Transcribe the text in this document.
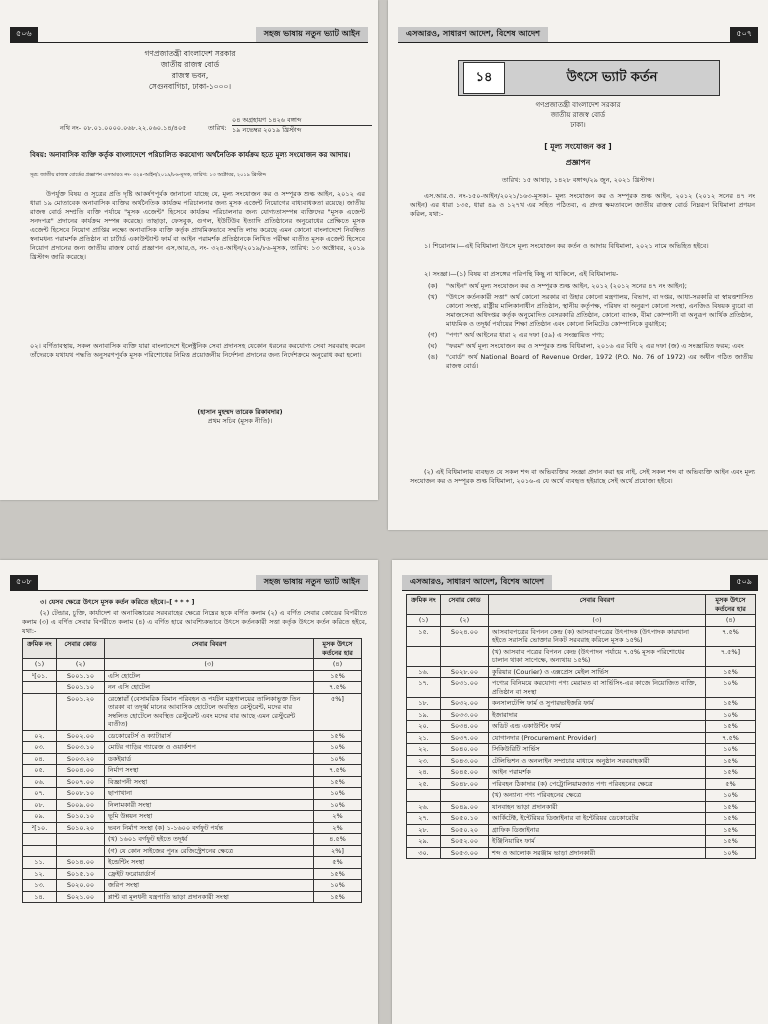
৫০৬	সহজ ভাষায় নতুন ভ্যাট আইন
গণপ্রজাতন্ত্রী বাংলাদেশ সরকার
জাতীয় রাজস্ব বোর্ড
রাজস্ব ভবন,
সেগুনবাগিচা, ঢাকা-১০০০।
নথি নং- ০৮.০১.০০০০.০৬৮.২২.০৬০.১৪/৪০৫	তারিখ:
০৪ অগ্রহায়ণ ১৪২৬ বঙ্গাব্দ
১৯ নভেম্বর ২০১৯ খ্রিস্টাব্দ
বিষয়: অনাবাসিক ব্যক্তি কর্তৃক বাংলাদেশে পরিচালিত করযোগ্য অর্থনৈতিক কার্যক্রম হতে মূল্য সংযোজন কর আদায়।
সূত্র: জাতীয় রাজস্ব বোর্ডের প্রজ্ঞাপন এসআরও নং- ৩২৪-আইন/২০১৯/৮৬-মূসক, তারিখ: ১৩ অক্টোবর, ২০১৯ খ্রিস্টাব্দ
উপর্যুক্ত বিষয় ও সূত্রের প্রতি দৃষ্টি আকর্ষণপূর্বক জানানো যাচ্ছে যে, মূল্য সংযোজন কর ও সম্পূরক শুল্ক আইন, ২০১২ এর ধারা ১৯ মোতাবেক অনাবাসিক ব্যক্তির অর্থনৈতিক কার্যক্রম পরিচালনার জন্য মূসক এজেন্ট নিয়োগের বাধ্যবাধকতা রয়েছে। জাতীয় রাজস্ব বোর্ড সম্প্রতি ব্যক্তি পর্যায়ে "মূসক এজেন্ট" হিসেবে কার্যক্রম পরিচালনার জন্য যোগ্যতাসম্পন্ন ব্যক্তিদের "মূসক এজেন্ট সনদপত্র" প্রদানের কার্যক্রম সম্পন্ন করেছে। তাছাড়া, ফেসবুক, গুগল, ইউটিউব ইত্যাদি প্রতিষ্ঠানের অনুরোধের প্রেক্ষিতে মূসক এজেন্ট হিসেবে নিয়োগ প্রাপ্তির লক্ষ্যে অনাবাসিক ব্যক্তি কর্তৃক প্রাথমিকভাবে সম্মতি লাভ করেছে এমন কোনো বাংলাদেশে নিবন্ধিত স্বনামধন্য পরামর্শক প্রতিষ্ঠান বা চার্টার্ড একাউন্ট্যান্ট ফার্ম বা আইন পরামর্শক প্রতিষ্ঠানকে লিখিত পরীক্ষা ব্যতীত মূসক এজেন্ট হিসেবে নিয়োগ প্রদানের জন্য জাতীয় রাজস্ব বোর্ড প্রজ্ঞাপন এস,আর,ও, নং- ৩২৪-আইন/২০১৯/৮৬-মূসক, তারিখ: ১৩ অক্টোবর, ২০১৯ খ্রিস্টাব্দ জারি করেছে।
০২। বর্ণিতাবস্থায়, সকল অনাবাসিক ব্যক্তি যারা বাংলাদেশে ইলেক্ট্রনিক সেবা প্রদানসহ যেকোন ধরনের করযোগ্য সেবা সরবরাহ করেন তাঁদেরকে যথাযথ পদ্ধতি অনুসরণপূর্বক মূসক পরিশোধের নিমিত্ত প্রয়োজনীয় নির্দেশনা প্রদানের জন্য নির্দেশক্রমে অনুরোধ করা হলো।
(হাসান মুহম্মদ তারেক রিকাবদার)
প্রথম সচিব (মূসক নীতি)।
এসআরও, সাধারণ আদেশ, বিশেষ আদেশ	৫০৭
১৪	উৎসে ভ্যাট কর্তন
গণপ্রজাতন্ত্রী বাংলাদেশ সরকার
জাতীয় রাজস্ব বোর্ড
ঢাকা।
[ মূল্য সংযোজন কর ]
প্রজ্ঞাপন
তারিখ: ১৫ আষাঢ়, ১৪২৮ বঙ্গাব্দ/২৯ জুন, ২০২১ খ্রিস্টাব্দ।
এস.আর.ও. নং-১৫০-আইন/২০২১/১৬৩-মূসক।– মূল্য সংযোজন কর ও সম্পূরক শুল্ক আইন, ২০১২ (২০১২ সনের ৪৭ নং আইন) এর ধারা ১৩৫, ধারা ৪৯ ও ১২৭খ এর সহিত পঠিতব্য, এ প্রদত্ত ক্ষমতাবলে জাতীয় রাজস্ব বোর্ড নিম্নরূপ বিধিমালা প্রণয়ন করিল, যথা:-
১। শিরোনাম।—এই বিধিমালা উৎসে মূল্য সংযোজন কর কর্তন ও আদায় বিধিমালা, ২০২১ নামে অভিহিত হইবে।
২। সংজ্ঞা।—(১) বিষয় বা প্রসঙ্গের পরিপন্থি কিছু না থাকিলে, এই বিধিমালায়-
(ক)	"আইন" অর্থ মূল্য সংযোজন কর ও সম্পূরক শুল্ক আইন, ২০১২ (২০১২ সনের ৪৭ নং আইন);
(খ)	"উৎসে কর্তনকারী সত্তা" অর্থ কোনো সরকার বা উহার কোনো মন্ত্রণালয়, বিভাগ, বা দপ্তর, আধা-সরকারি বা স্বায়ত্তশাসিত কোনো সংস্থা, রাষ্ট্রীয় মালিকানাধীন প্রতিষ্ঠান, স্থানীয় কর্তৃপক্ষ, পরিষদ বা অনুরূপ কোনো সংস্থা, এনজিও বিষয়ক ব্যুরো বা সমাজসেবা অধিদপ্তর কর্তৃক অনুমোদিত বেসরকারি প্রতিষ্ঠান, কোনো ব্যাংক, বীমা কোম্পানী বা অনুরূপ আর্থিক প্রতিষ্ঠান, মাধ্যমিক ও তদূর্ধ্ব পর্যায়ের শিক্ষা প্রতিষ্ঠান এবং কোনো লিমিটেড কোম্পানিকে বুঝাইবে;
(গ)	"পণ্য" অর্থ আইনের ধারা ২ এর দফা (৫৯) এ সংজ্ঞায়িত পণ্য;
(ঘ)	"ফরম" অর্থ মূল্য সংযোজন কর ও সম্পূরক শুল্ক বিধিমালা, ২০১৬ এর বিধি ২ এর দফা (জ) এ সংজ্ঞায়িত ফরম; এবং
(ঙ)	"বোর্ড" অর্থ National Board of Revenue Order, 1972 (P.O. No. 76 of 1972) এর অধীন গঠিত জাতীয় রাজস্ব বোর্ড।
(২) এই বিধিমালায় ব্যবহৃত যে সকল শব্দ বা অভিব্যক্তির সংজ্ঞা প্রদান করা হয় নাই, সেই সকল শব্দ বা অভিব্যক্তি আইন এবং মূল্য সংযোজন কর ও সম্পূরক শুল্ক বিধিমালা, ২০১৬-এ যে অর্থে ব্যবহৃত হইয়াছে সেই অর্থে প্রযোজ্য হইবে।
৫০৮	সহজ ভাষায় নতুন ভ্যাট আইন
৩। যেসব ক্ষেত্রে উৎসে মূসক কর্তন করিতে হইবে।–[ * * * ]
(২) টেন্ডার, চুক্তি, কার্যাদেশ বা অনাবিষ্কারের সরবরাহের ক্ষেত্রে নিম্নের ছকে বর্ণিত কলাম (২) এ বর্ণিত সেবার কোডের বিপরীতে কলাম (৩) এ বর্ণিত সেবার বিপরীতে কলাম (৪) এ বর্ণিত হারে আবশ্যিকভাবে উৎসে কর্তনকারী সত্তা কর্তৃক উৎসে কর্তন করিতে হইবে, যথা:-
ক্রমিক নং	সেবার কোড	সেবার বিবরণ	মূসক উৎসে কর্তনের হার
(১)	(২)	(৩)	(৪)
¹[০১.	S০০১.১০	এসি হোটেল	১৫%
	S০০১.১০	নন এসি হোটেল	৭.৫%
	S০০১.২০	রেস্তোরাঁ (বেসামরিক বিমান পরিবহন ও পর্যটন মন্ত্রণালয়ের তালিকাভুক্ত তিন তারকা বা তদূর্ধ্ব মানের আবাসিক হোটেলে অবস্থিত রেস্টুরেন্ট, মদের বার সম্বলিত হোটেলে অবস্থিত রেস্টুরেন্ট এবং মদের বার আছে এমন রেস্টুরেন্ট ব্যতীত)	৫%]
০২.	S০০২.০০	ডেকোরেটর্স ও ক্যাটারার্স	১৫%
০৩.	S০০৩.১০	মোটর গাড়ির গ্যারেজ ও ওয়ার্কশপ	১০%
০৪.	S০০৩.২০	ডকইয়ার্ড	১০%
০৫.	S০০৪.০০	নির্মাণ সংস্থা	৭.৫%
০৬.	S০০৭.০০	বিজ্ঞাপনী সংস্থা	১৫%
০৭.	S০০৮.১০	ছাপাখানা	১০%
০৮.	S০০৯.০০	নিলামকারী সংস্থা	১০%
০৯.	S০১০.১০	ভূমি উন্নয়ন সংস্থা	২%
²[১০.	S০১০.২০	ভবন নির্মাণ সংস্থা (ক) ১-১৬০০ বর্গফুট পর্যন্ত	২%
		(খ) ১৬০১ বর্গফুট হইতে তদূর্ধ্ব	৪.৫%
		(গ) যে কোন সাইজের পুনঃ রেজিস্ট্রেশনের ক্ষেত্রে	২%]
১১.	S০১৪.০০	ইন্ডেন্টিং সংস্থা	৫%
১২.	S০১৫.১০	ফ্রেইট ফরোয়ার্ডার্স	১৫%
১৩.	S০২০.০০	জরিপ সংস্থা	১০%
১৪.	S০২১.০০	প্লান্ট বা মূলধনী যন্ত্রপাতি ভাড়া প্রদানকারী সংস্থা	১৫%
এসআরও, সাধারণ আদেশ, বিশেষ আদেশ	৫০৯
ক্রমিক নং	সেবার কোড	সেবার বিবরণ	মূসক উৎসে কর্তনের হার
(১)	(২)	(৩)	(৪)
১৫.	S০২৪.০০	আসবাবপত্রের বিপনন কেন্দ্র (ক) আসবাবপত্রের উৎপাদক (উৎপাদক কারখানা হইতে সরাসরি ভোক্তার নিকট সরবরাহ করিলে মূসক ১৫%)	৭.৫%
		(খ) আসবাব পত্রের বিপনন কেন্দ্র (উৎপাদন পর্যায়ে ৭.৫% মূসক পরিশোধের চালান থাকা সাপেক্ষে, অন্যথায় ১৫%)	৭.৫%]
১৬.	S০২৮.০০	কুরিয়ার (Courier) ও এক্সপ্রেস মেইল সার্ভিস	১৫%
১৭.	S০৩১.০০	পণ্যের বিনিময়ে করযোগ্য পণ্য মেরামত বা সার্ভিসিং-এর কাজে নিয়োজিত ব্যক্তি, প্রতিষ্ঠান বা সংস্থা	১০%
১৮.	S০৩২.০০	কনসালটেন্সি ফার্ম ও সুপারভাইজরি ফার্ম	১৫%
১৯.	S০৩৩.০০	ইজারাদার	১০%
২০.	S০৩৪.০০	অডিট এন্ড একাউন্টিং ফার্ম	১৫%
২১.	S০৩৭.০০	যোগানদার (Procurement Provider)	৭.৫%
২২.	S০৪০.০০	সিকিউরিটি সার্ভিস	১০%
২৩.	S০৪৩.০০	টেলিভিশন ও অনলাইন সম্প্রচার মাধ্যমে অনুষ্ঠান সরবরাহকারী	১৫%
২৪.	S০৪৫.০০	আইন পরামর্শক	১৫%
২৫.	S০৪৮.০০	পরিবহন ঠিকাদার (ক) পেট্রোলিয়ামজাত পণ্য পরিবহনের ক্ষেত্রে	৫%
		(খ) অন্যান্য পণ্য পরিবহনের ক্ষেত্রে	১০%
২৬.	S০৪৯.০০	যানবাহন ভাড়া প্রদানকারী	১৫%
২৭.	S০৫০.১০	আর্কিটেক্ট, ইন্টেরিয়র ডিজাইনার বা ইন্টেরিয়র ডেকোরেটর	১৫%
২৮.	S০৫০.২০	গ্রাফিক ডিজাইনার	১৫%
২৯.	S০৫২.০০	ইঞ্জিনিয়ারিং ফার্ম	১৫%
৩০.	S০৫৩.০০	শব্দ ও আলোক সরঞ্জাম ভাড়া প্রদানকারী	১০%
